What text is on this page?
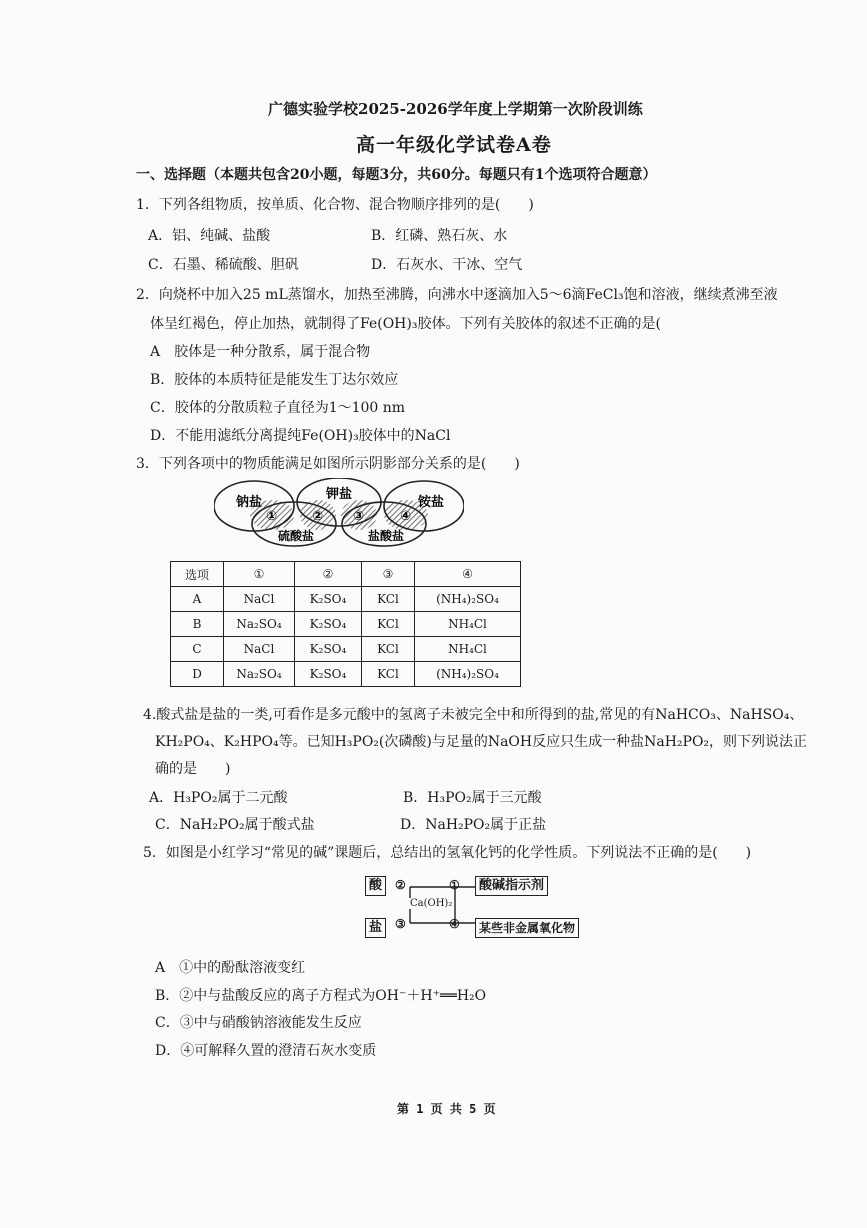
广德实验学校2025-2026学年度上学期第一次阶段训练
高一年级化学试卷A卷
一、选择题（本题共包含20小题，每题3分，共60分。每题只有1个选项符合题意）
1．下列各组物质，按单质、化合物、混合物顺序排列的是(　　)
A．铝、纯碱、盐酸	B．红磷、熟石灰、水
C．石墨、稀硫酸、胆矾	D．石灰水、干冰、空气
2．向烧杯中加入25 mL蒸馏水，加热至沸腾，向沸水中逐滴加入5～6滴FeCl₃饱和溶液，继续煮沸至液
体呈红褐色，停止加热，就制得了Fe(OH)₃胶体。下列有关胶体的叙述不正确的是(
A　胶体是一种分散系，属于混合物
B．胶体的本质特征是能发生丁达尔效应
C．胶体的分散质粒子直径为1～100 nm
D．不能用滤纸分离提纯Fe(OH)₃胶体中的NaCl
3．下列各项中的物质能满足如图所示阴影部分关系的是(　　)
钠盐
钾盐
铵盐
硫酸盐	盐酸盐
①	② ③	④
选项	①	②	③	④
A	NaCl	K₂SO₄	KCl	(NH₄)₂SO₄
B	Na₂SO₄	K₂SO₄	KCl	NH₄Cl
C	NaCl	K₂SO₄	KCl	NH₄Cl
D	Na₂SO₄	K₂SO₄	KCl	(NH₄)₂SO₄
4.酸式盐是盐的一类,可看作是多元酸中的氢离子未被完全中和所得到的盐,常见的有NaHCO₃、NaHSO₄、
KH₂PO₄、K₂HPO₄等。已知H₃PO₂(次磷酸)与足量的NaOH反应只生成一种盐NaH₂PO₂，则下列说法正
确的是　　)
A．H₃PO₂属于二元酸	B．H₃PO₂属于三元酸
C．NaH₂PO₂属于酸式盐	D．NaH₂PO₂属于正盐
5．如图是小红学习“常见的碱”课题后，总结出的氢氧化钙的化学性质。下列说法不正确的是(　　)
酸
盐
②
③
①
④
Ca(OH)₂
酸碱指示剂
某些非金属氧化物
A　①中的酚酞溶液变红
B．②中与盐酸反应的离子方程式为OH⁻＋H⁺══H₂O
C．③中与硝酸钠溶液能发生反应
D．④可解释久置的澄清石灰水变质
第 1 页 共 5 页
